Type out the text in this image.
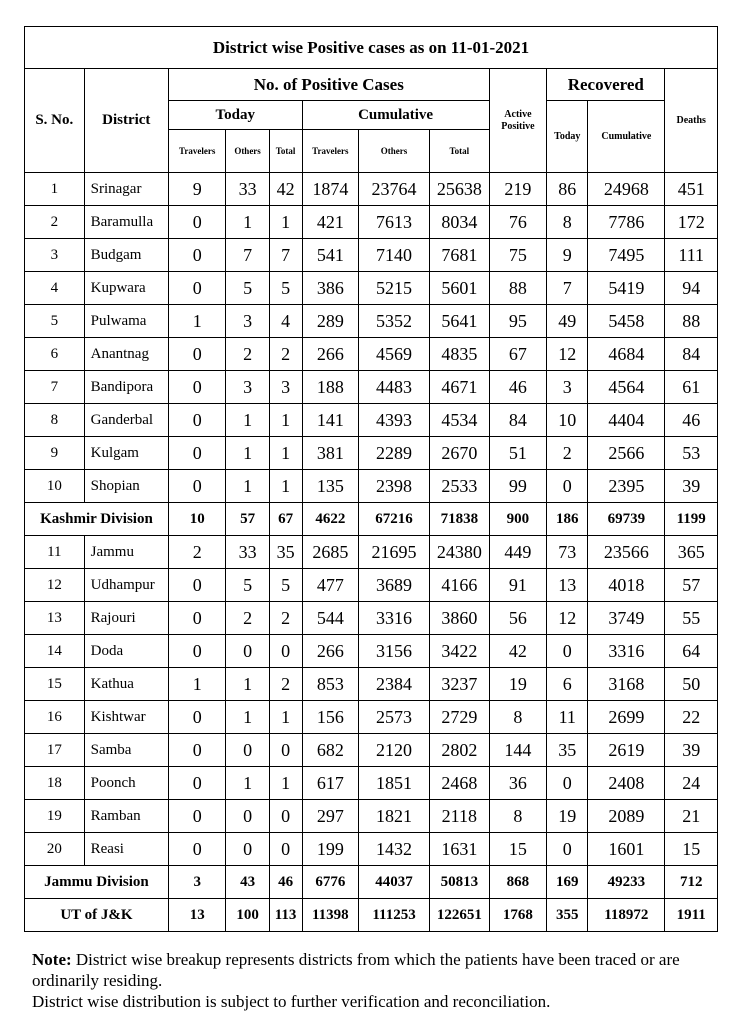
District wise Positive cases as on 11-01-2021											
S. No.	District	No. of Positive Cases						Active Positive	Recovered		Deaths
		Today			Cumulative				Today	Cumulative	
		Travelers	Others	Total	Travelers	Others	Total				
1	Srinagar	9	33	42	1874	23764	25638	219	86	24968	451
2	Baramulla	0	1	1	421	7613	8034	76	8	7786	172
3	Budgam	0	7	7	541	7140	7681	75	9	7495	111
4	Kupwara	0	5	5	386	5215	5601	88	7	5419	94
5	Pulwama	1	3	4	289	5352	5641	95	49	5458	88
6	Anantnag	0	2	2	266	4569	4835	67	12	4684	84
7	Bandipora	0	3	3	188	4483	4671	46	3	4564	61
8	Ganderbal	0	1	1	141	4393	4534	84	10	4404	46
9	Kulgam	0	1	1	381	2289	2670	51	2	2566	53
10	Shopian	0	1	1	135	2398	2533	99	0	2395	39
Kashmir Division		10	57	67	4622	67216	71838	900	186	69739	1199
11	Jammu	2	33	35	2685	21695	24380	449	73	23566	365
12	Udhampur	0	5	5	477	3689	4166	91	13	4018	57
13	Rajouri	0	2	2	544	3316	3860	56	12	3749	55
14	Doda	0	0	0	266	3156	3422	42	0	3316	64
15	Kathua	1	1	2	853	2384	3237	19	6	3168	50
16	Kishtwar	0	1	1	156	2573	2729	8	11	2699	22
17	Samba	0	0	0	682	2120	2802	144	35	2619	39
18	Poonch	0	1	1	617	1851	2468	36	0	2408	24
19	Ramban	0	0	0	297	1821	2118	8	19	2089	21
20	Reasi	0	0	0	199	1432	1631	15	0	1601	15
Jammu Division		3	43	46	6776	44037	50813	868	169	49233	712
UT of J&K		13	100	113	11398	111253	122651	1768	355	118972	1911

Note: District wise breakup represents districts from which the patients have been traced or are ordinarily residing.

District wise distribution is subject to further verification and reconciliation.
